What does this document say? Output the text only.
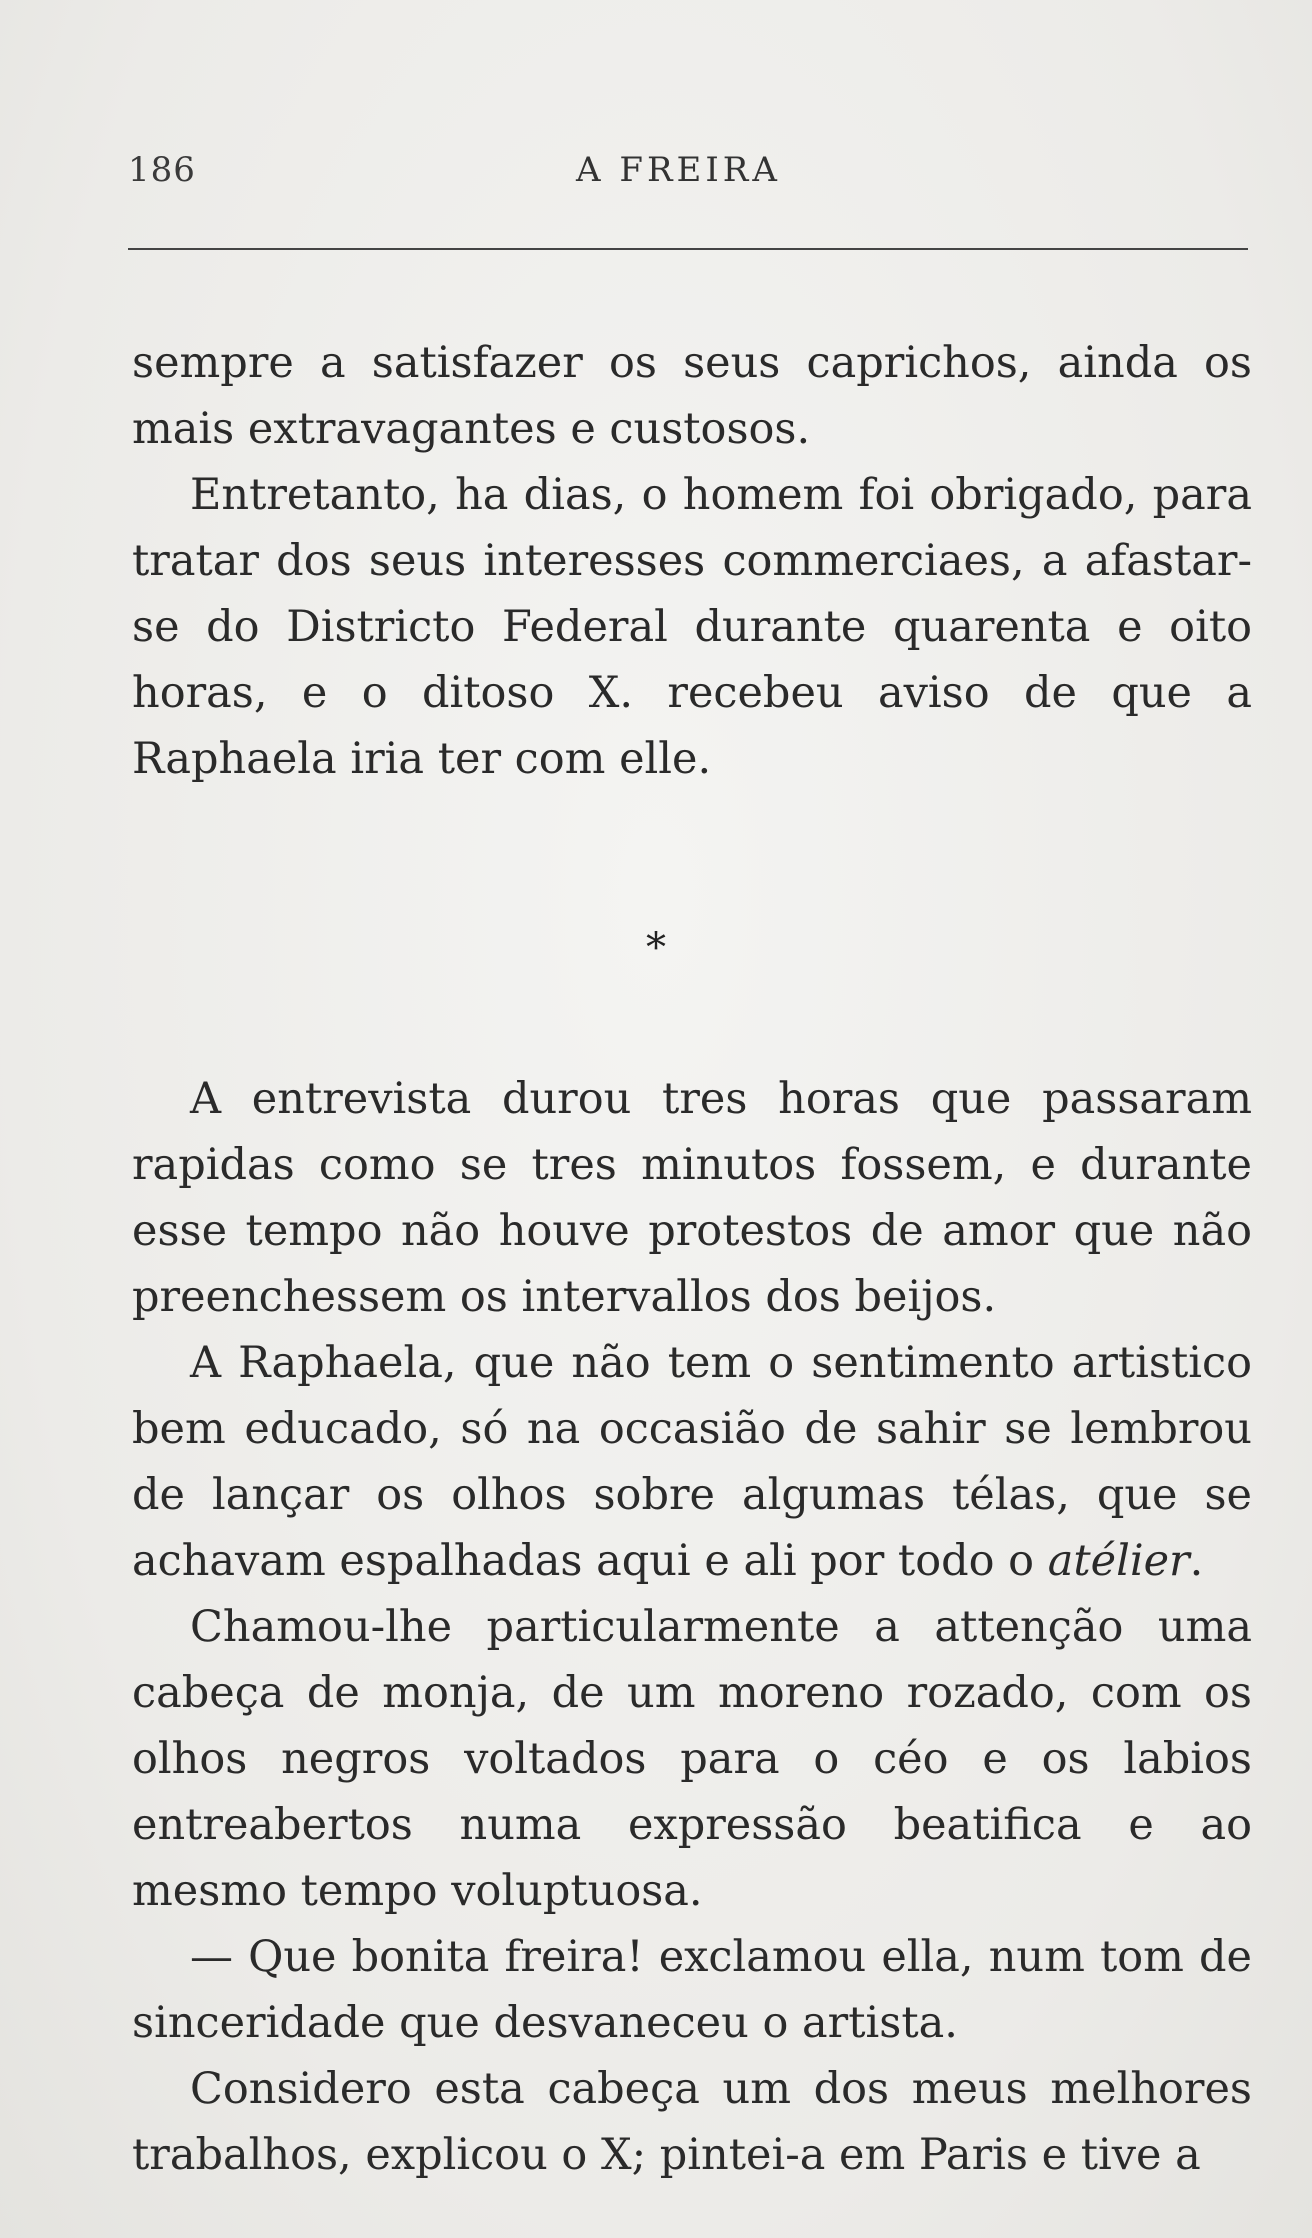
186	A FREIRA

sempre a satisfazer os seus caprichos, ainda os mais extravagantes e custosos.

Entretanto, ha dias, o homem foi obrigado, para tratar dos seus interesses commerciaes, a afastar-se do Districto Federal durante quarenta e oito horas, e o ditoso X. recebeu aviso de que a Raphaela iria ter com elle.

*

A entrevista durou tres horas que passaram rapidas como se tres minutos fossem, e durante esse tempo não houve protestos de amor que não preenchessem os intervallos dos beijos.

A Raphaela, que não tem o sentimento artistico bem educado, só na occasião de sahir se lembrou de lançar os olhos sobre algumas télas, que se achavam espalhadas aqui e ali por todo o atélier.

Chamou-lhe particularmente a attenção uma cabeça de monja, de um moreno rozado, com os olhos negros voltados para o céo e os labios entreabertos numa expressão beatifica e ao mesmo tempo voluptuosa.

— Que bonita freira! exclamou ella, num tom de sinceridade que desvaneceu o artista.

Considero esta cabeça um dos meus melhores trabalhos, explicou o X; pintei-a em Paris e tive a
